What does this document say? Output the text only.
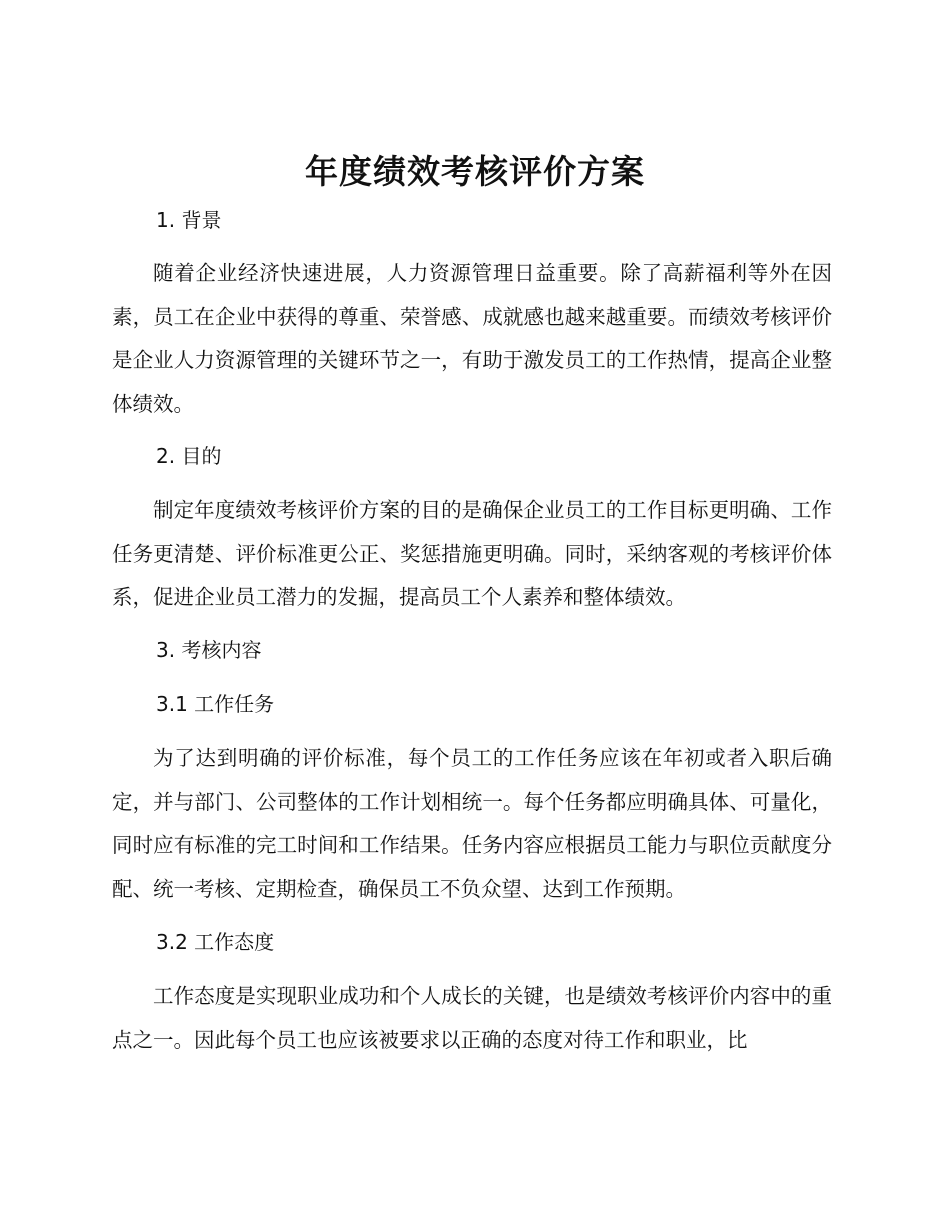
年度绩效考核评价方案
1. 背景

随着企业经济快速进展，人力资源管理日益重要。除了高薪福利等外在因素，员工在企业中获得的尊重、荣誉感、成就感也越来越重要。而绩效考核评价是企业人力资源管理的关键环节之一，有助于激发员工的工作热情，提高企业整体绩效。

2. 目的

制定年度绩效考核评价方案的目的是确保企业员工的工作目标更明确、工作任务更清楚、评价标准更公正、奖惩措施更明确。同时，采纳客观的考核评价体系，促进企业员工潜力的发掘，提高员工个人素养和整体绩效。

3. 考核内容
3.1 工作任务

为了达到明确的评价标准，每个员工的工作任务应该在年初或者入职后确定，并与部门、公司整体的工作计划相统一。每个任务都应明确具体、可量化，同时应有标准的完工时间和工作结果。任务内容应根据员工能力与职位贡献度分配、统一考核、定期检查，确保员工不负众望、达到工作预期。

3.2 工作态度

工作态度是实现职业成功和个人成长的关键，也是绩效考核评价内容中的重点之一。因此每个员工也应该被要求以正确的态度对待工作和职业，比
